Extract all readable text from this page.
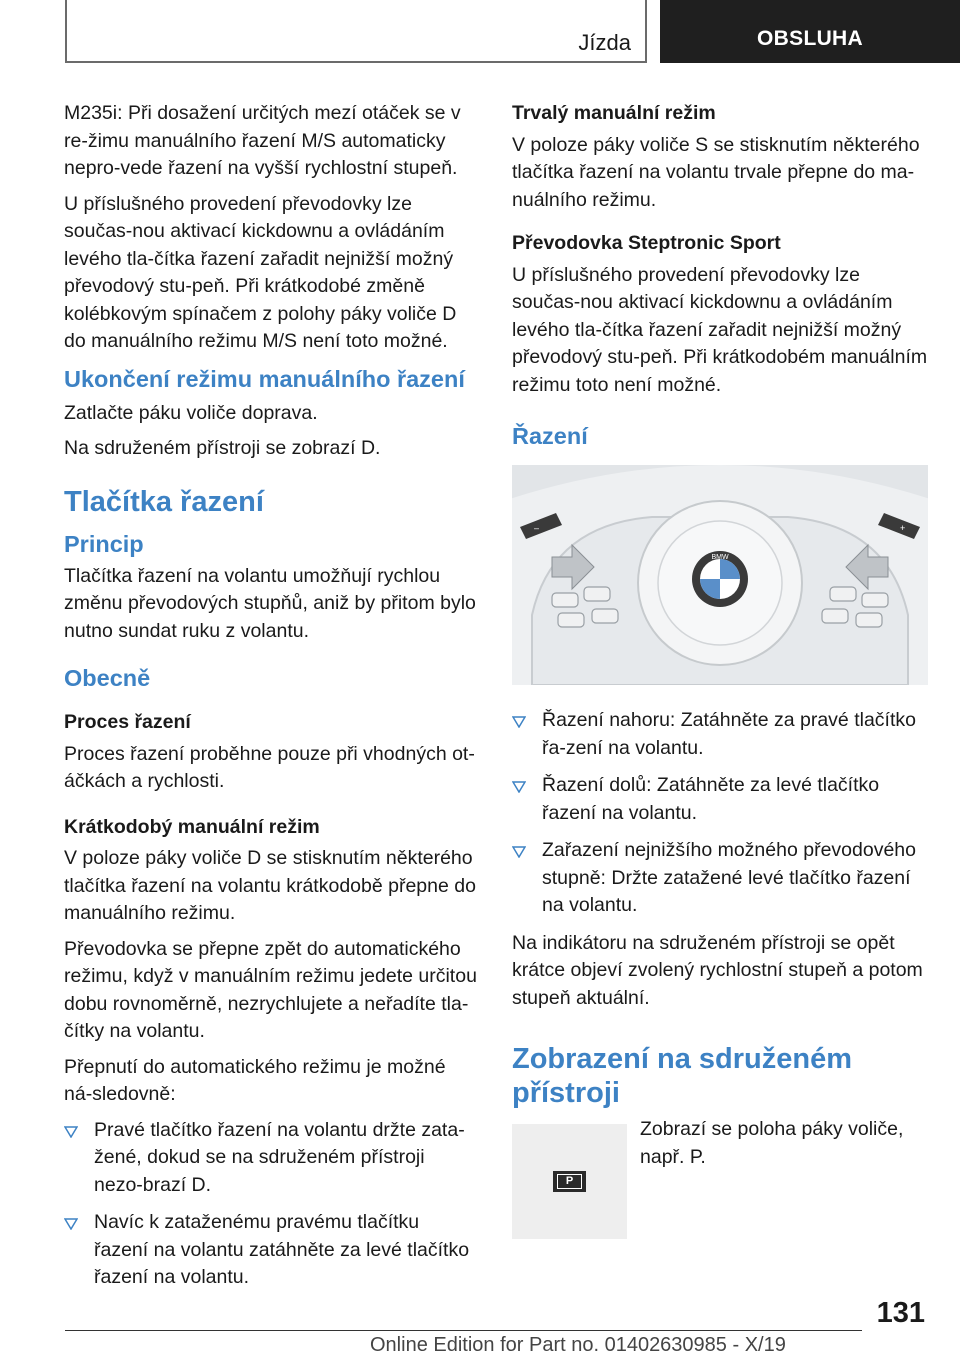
Jízda	OBSLUHA

M235i: Při dosažení určitých mezí otáček se v re-žimu manuálního řazení M/S automaticky nepro-vede řazení na vyšší rychlostní stupeň.

U příslušného provedení převodovky lze součas-nou aktivací kickdownu a ovládáním levého tla-čítka řazení zařadit nejnižší možný převodový stu-peň. Při krátkodobé změně kolébkovým spínačem z polohy páky voliče D do manuálního režimu M/S není toto možné.

Ukončení režimu manuálního řazení

Zatlačte páku voliče doprava.

Na sdruženém přístroji se zobrazí D.

Tlačítka řazení
Princip

Tlačítka řazení na volantu umožňují rychlou změnu převodových stupňů, aniž by přitom bylo nutno sundat ruku z volantu.

Obecně
Proces řazení

Proces řazení proběhne pouze při vhodných ot-áčkách a rychlosti.

Krátkodobý manuální režim

V poloze páky voliče D se stisknutím některého tlačítka řazení na volantu krátkodobě přepne do manuálního režimu.

Převodovka se přepne zpět do automatického režimu, když v manuálním režimu jedete určitou dobu rovnoměrně, nezrychlujete a neřadíte tla-čítky na volantu.

Přepnutí do automatického režimu je možné ná-sledovně:

Pravé tlačítko řazení na volantu držte zata-žené, dokud se na sdruženém přístroji nezo-brazí D.
Navíc k zataženému pravému tlačítku řazení na volantu zatáhněte za levé tlačítko řazení na volantu.
Trvalý manuální režim

V poloze páky voliče S se stisknutím některého tlačítka řazení na volantu trvale přepne do ma-nuálního režimu.

Převodovka Steptronic Sport

U příslušného provedení převodovky lze součas-nou aktivací kickdownu a ovládáním levého tla-čítka řazení zařadit nejnižší možný převodový stu-peň. Při krátkodobém manuálním režimu toto není možné.

Řazení
BMW
–	+
Řazení nahoru: Zatáhněte za pravé tlačítko řa-zení na volantu.
Řazení dolů: Zatáhněte za levé tlačítko řazení na volantu.
Zařazení nejnižšího možného převodového stupně: Držte zatažené levé tlačítko řazení na volantu.

Na indikátoru na sdruženém přístroji se opět krátce objeví zvolený rychlostní stupeň a potom stupeň aktuální.

Zobrazení na sdruženém přístroji
P

Zobrazí se poloha páky voliče, např. P.

131
Online Edition for Part no. 01402630985 - X/19
